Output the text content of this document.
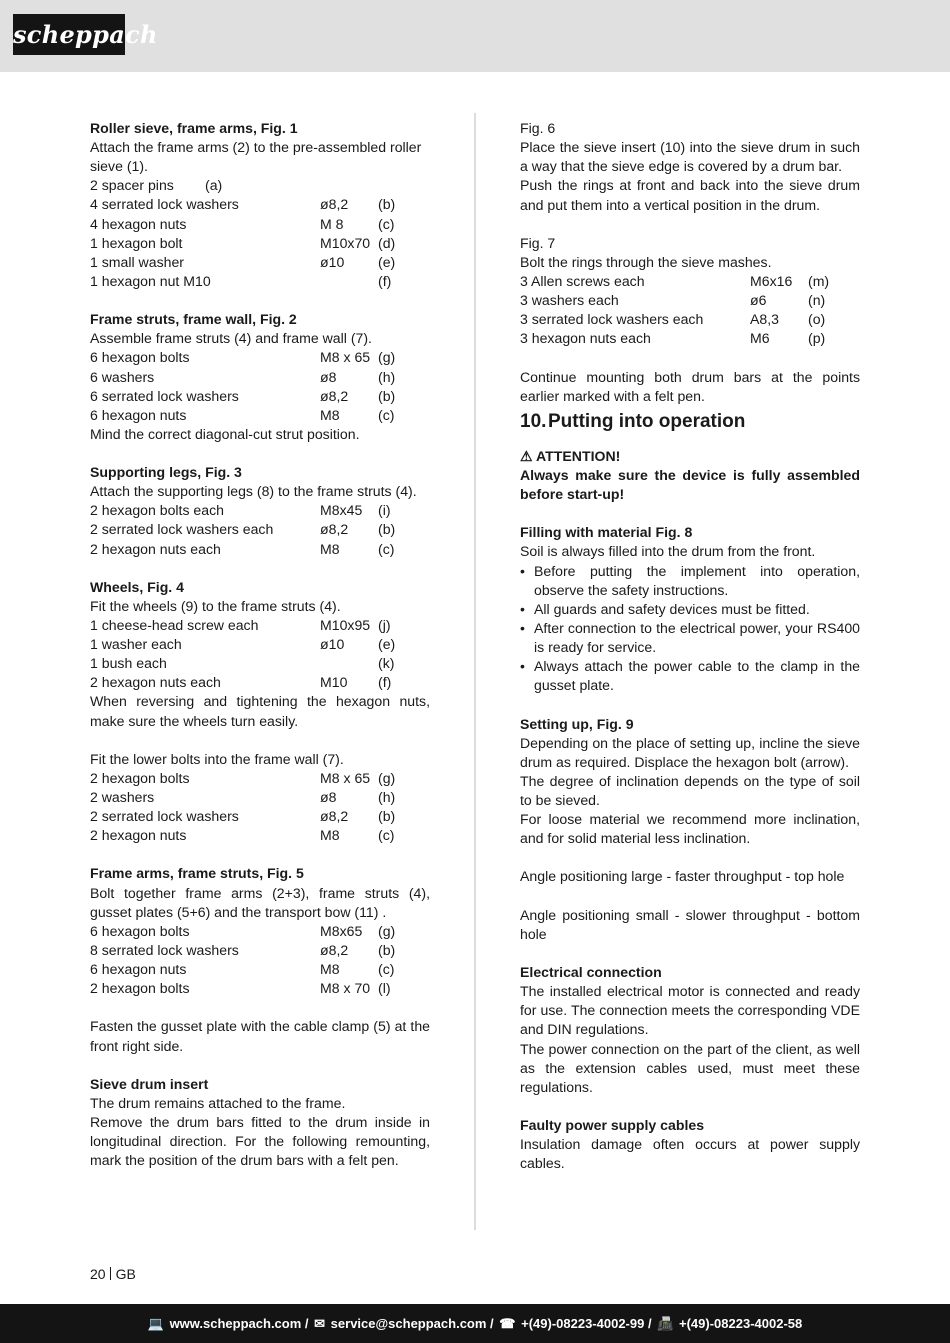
scheppach
Roller sieve, frame arms, Fig. 1
Attach the frame arms (2) to the pre-assembled roller sieve (1).
2 spacer pins	(a)
4 serrated lock washers	ø8,2	(b)
4 hexagon nuts	M 8	(c)
1 hexagon bolt	M10x70 (d)
1 small washer	ø10	(e)
1 hexagon nut M10	(f)
Frame struts, frame wall, Fig. 2
Assemble frame struts (4) and frame wall (7).
6 hexagon bolts	M8 x 65 (g)
6 washers	ø8	(h)
6 serrated lock washers	ø8,2	(b)
6 hexagon nuts	M8	(c)
Mind the correct diagonal-cut strut position.
Supporting legs, Fig. 3
Attach the supporting legs (8) to the frame struts (4).
2 hexagon bolts each	M8x45	(i)
2 serrated lock washers each	ø8,2	(b)
2 hexagon nuts each	M8	(c)
Wheels, Fig. 4
Fit the wheels (9) to the frame struts (4).
1 cheese-head screw each	M10x95 (j)
1 washer each	ø10	(e)
1 bush each	(k)
2 hexagon nuts each	M10	(f)
When reversing and tightening the hexagon nuts, make sure the wheels turn easily.
Fit the lower bolts into the frame wall (7).
2 hexagon bolts	M8 x 65 (g)
2 washers	ø8	(h)
2 serrated lock washers	ø8,2	(b)
2 hexagon nuts	M8	(c)
Frame arms, frame struts, Fig. 5
Bolt together frame arms (2+3), frame struts (4), gusset plates (5+6) and the transport bow (11) .
6 hexagon bolts	M8x65	(g)
8 serrated lock washers	ø8,2	(b)
6 hexagon nuts	M8	(c)
2 hexagon bolts	M8 x 70 (l)
Fasten the gusset plate with the cable clamp (5) at the front right side.
Sieve drum insert
The drum remains attached to the frame.
Remove the drum bars fitted to the drum inside in longitudinal direction. For the following remounting, mark the position of the drum bars with a felt pen.
Fig. 6
Place the sieve insert (10) into the sieve drum in such a way that the sieve edge is covered by a drum bar.
Push the rings at front and back into the sieve drum and put them into a vertical position in the drum.
Fig. 7
Bolt the rings through the sieve mashes.
3 Allen screws each	M6x16	(m)
3 washers each	ø6	(n)
3 serrated lock washers each	A8,3	(o)
3 hexagon nuts each	M6	(p)
Continue mounting both drum bars at the points earlier marked with a felt pen.
10. Putting into operation
⚠ ATTENTION!
Always make sure the device is fully assembled before start-up!
Filling with material Fig. 8
Soil is always filled into the drum from the front.
• Before putting the implement into operation, observe the safety instructions.
• All guards and safety devices must be fitted.
• After connection to the electrical power, your RS400 is ready for service.
• Always attach the power cable to the clamp in the gusset plate.
Setting up, Fig. 9
Depending on the place of setting up, incline the sieve drum as required. Displace the hexagon bolt (arrow).
The degree of inclination depends on the type of soil to be sieved.
For loose material we recommend more inclination, and for solid material less inclination.
Angle positioning large - faster throughput - top hole
Angle positioning small - slower throughput - bottom hole
Electrical connection
The installed electrical motor is connected and ready for use. The connection meets the corresponding VDE and DIN regulations.
The power connection on the part of the client, as well as the extension cables used, must meet these regulations.
Faulty power supply cables
Insulation damage often occurs at power supply cables.
20 GB
💻 www.scheppach.com / ✉ service@scheppach.com / ☎ +(49)-08223-4002-99 / 📠 +(49)-08223-4002-58
